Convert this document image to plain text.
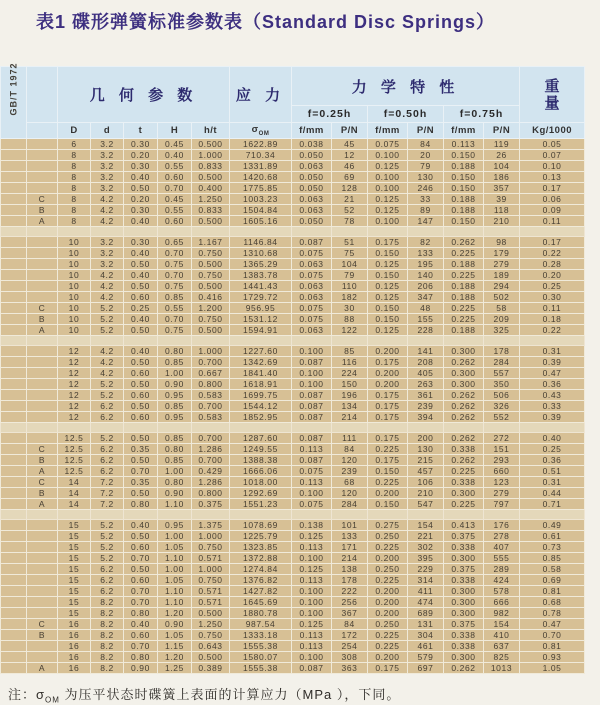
表1 碟形弹簧标准参数表（Standard Disc Springs）
GB/T 1972		几 何 参 数					应 力	力 学 特 性						重
量

								f=0.25h		f=0.50h		f=0.75h		
		D	d	t	H	h/t	$\sigma_{OM}$	f/mm	P/N	f/mm	P/N	f/mm	P/N	Kg/1000
		6	3.2	0.30	0.45	0.500	1622.89	0.038	45	0.075	84	0.113	119	0.05
		8	3.2	0.20	0.40	1.000	710.34	0.050	12	0.100	20	0.150	26	0.07
		8	3.2	0.30	0.55	0.833	1331.89	0.063	46	0.125	79	0.188	104	0.10
		8	3.2	0.40	0.60	0.500	1420.68	0.050	69	0.100	130	0.150	186	0.13
		8	3.2	0.50	0.70	0.400	1775.85	0.050	128	0.100	246	0.150	357	0.17
	C	8	4.2	0.20	0.45	1.250	1003.23	0.063	21	0.125	33	0.188	39	0.06
	B	8	4.2	0.30	0.55	0.833	1504.84	0.063	52	0.125	89	0.188	118	0.09
	A	8	4.2	0.40	0.60	0.500	1605.16	0.050	78	0.100	147	0.150	210	0.11

		10	3.2	0.30	0.65	1.167	1146.84	0.087	51	0.175	82	0.262	98	0.17
		10	3.2	0.40	0.70	0.750	1310.68	0.075	75	0.150	133	0.225	179	0.22
		10	3.2	0.50	0.75	0.500	1365.29	0.063	104	0.125	195	0.188	279	0.28
		10	4.2	0.40	0.70	0.750	1383.78	0.075	79	0.150	140	0.225	189	0.20
		10	4.2	0.50	0.75	0.500	1441.43	0.063	110	0.125	206	0.188	294	0.25
		10	4.2	0.60	0.85	0.416	1729.72	0.063	182	0.125	347	0.188	502	0.30
	C	10	5.2	0.25	0.55	1.200	956.95	0.075	30	0.150	48	0.225	58	0.11
	B	10	5.2	0.40	0.70	0.750	1531.12	0.075	88	0.150	155	0.225	209	0.18
	A	10	5.2	0.50	0.75	0.500	1594.91	0.063	122	0.125	228	0.188	325	0.22

		12	4.2	0.40	0.80	1.000	1227.60	0.100	85	0.200	141	0.300	178	0.31
		12	4.2	0.50	0.85	0.700	1342.69	0.087	116	0.175	208	0.262	284	0.39
		12	4.2	0.60	1.00	0.667	1841.40	0.100	224	0.200	405	0.300	557	0.47
		12	5.2	0.50	0.90	0.800	1618.91	0.100	150	0.200	263	0.300	350	0.36
		12	5.2	0.60	0.95	0.583	1699.75	0.087	196	0.175	361	0.262	506	0.43
		12	6.2	0.50	0.85	0.700	1544.12	0.087	134	0.175	239	0.262	326	0.33
		12	6.2	0.60	0.95	0.583	1852.95	0.087	214	0.175	394	0.262	552	0.39

		12.5	5.2	0.50	0.85	0.700	1287.60	0.087	111	0.175	200	0.262	272	0.40
	C	12.5	6.2	0.35	0.80	1.286	1249.55	0.113	84	0.225	130	0.338	151	0.25
	B	12.5	6.2	0.50	0.85	0.700	1388.38	0.087	120	0.175	215	0.262	293	0.36
	A	12.5	6.2	0.70	1.00	0.429	1666.06	0.075	239	0.150	457	0.225	660	0.51
	C	14	7.2	0.35	0.80	1.286	1018.00	0.113	68	0.225	106	0.338	123	0.31
	B	14	7.2	0.50	0.90	0.800	1292.69	0.100	120	0.200	210	0.300	279	0.44
	A	14	7.2	0.80	1.10	0.375	1551.23	0.075	284	0.150	547	0.225	797	0.71

		15	5.2	0.40	0.95	1.375	1078.69	0.138	101	0.275	154	0.413	176	0.49
		15	5.2	0.50	1.00	1.000	1225.79	0.125	133	0.250	221	0.375	278	0.61
		15	5.2	0.60	1.05	0.750	1323.85	0.113	171	0.225	302	0.338	407	0.73
		15	5.2	0.70	1.10	0.571	1372.88	0.100	214	0.200	395	0.300	555	0.85
		15	6.2	0.50	1.00	1.000	1274.84	0.125	138	0.250	229	0.375	289	0.58
		15	6.2	0.60	1.05	0.750	1376.82	0.113	178	0.225	314	0.338	424	0.69
		15	6.2	0.70	1.10	0.571	1427.82	0.100	222	0.200	411	0.300	578	0.81
		15	8.2	0.70	1.10	0.571	1645.69	0.100	256	0.200	474	0.300	666	0.68
		15	8.2	0.80	1.20	0.500	1880.78	0.100	367	0.200	689	0.300	982	0.78
	C	16	8.2	0.40	0.90	1.250	987.54	0.125	84	0.250	131	0.375	154	0.47
	B	16	8.2	0.60	1.05	0.750	1333.18	0.113	172	0.225	304	0.338	410	0.70
		16	8.2	0.70	1.15	0.643	1555.38	0.113	254	0.225	461	0.338	637	0.81
		16	8.2	0.80	1.20	0.500	1580.07	0.100	308	0.200	579	0.300	825	0.93
	A	16	8.2	0.90	1.25	0.389	1555.38	0.087	363	0.175	697	0.262	1013	1.05
注：$\sigma_{OM}$ 为压平状态时碟簧上表面的计算应力（MPa ），下同。
